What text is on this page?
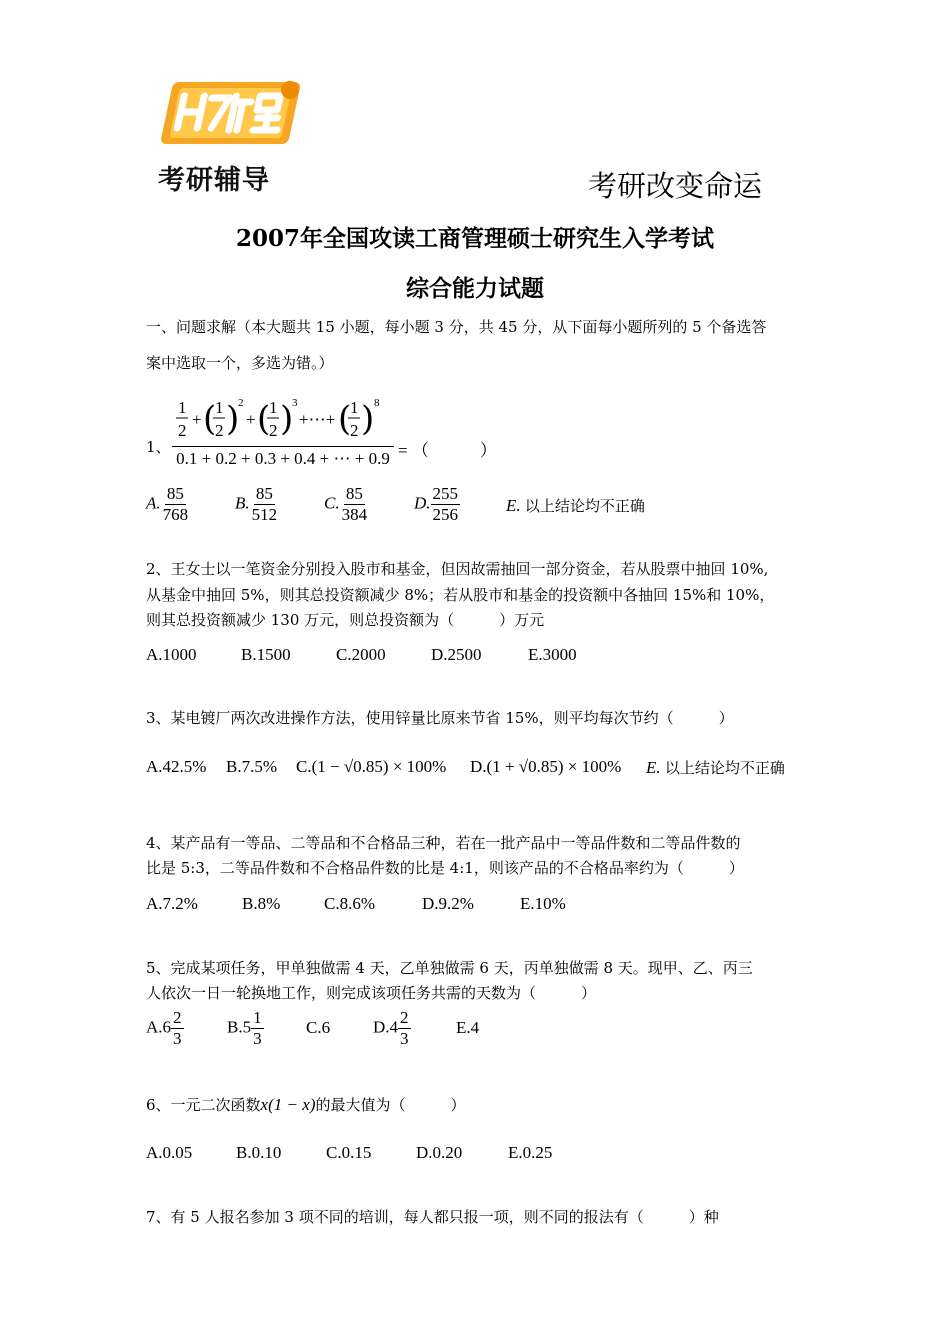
考研辅导	考研改变命运
2007年全国攻读工商管理硕士研究生入学考试
综合能力试题
一、问题求解（本大题共 15 小题，每小题 3 分，共 45 分，从下面每小题所列的 5 个备选答
案中选取一个，多选为错。）
1、
1
2
+ (
1
2 )
2
+ (
1
2 )
3
+⋯+ (
1
2 ) 8
0.1 + 0.2 + 0.3 + 0.4 + ⋯ + 0.9 = （　　　）
A. $\frac{85}{768}$	B. $\frac{85}{512}$	C. $\frac{85}{384}$	D. $\frac{255}{256}$	E. 以上结论均不正确
2、王女士以一笔资金分别投入股市和基金，但因故需抽回一部分资金，若从股票中抽回 10%,
从基金中抽回 5%，则其总投资额减少 8%；若从股市和基金的投资额中各抽回 15%和 10%，
则其总投资额减少 130 万元，则总投资额为（　　　）万元
A.1000	B.1500	C.2000	D.2500	E.3000
3、某电镀厂两次改进操作方法，使用锌量比原来节省 15%，则平均每次节约（　　　）
A.42.5% B.7.5% C.(1 − √0.85) × 100% D.(1 + √0.85) × 100% E. 以上结论均不正确
4、某产品有一等品、二等品和不合格品三种，若在一批产品中一等品件数和二等品件数的
比是 5:3，二等品件数和不合格品件数的比是 4:1，则该产品的不合格品率约为（　　　）
A.7.2%	B.8%	C.8.6%	D.9.2%	E.10%
5、完成某项任务，甲单独做需 4 天，乙单独做需 6 天，丙单独做需 8 天。现甲、乙、丙三
人依次一日一轮换地工作，则完成该项任务共需的天数为（　　　）
$A.6 \frac{2}{3}$	$B.5 \frac{1}{3} C.6$	$D.4 \frac{2}{3}$	E.4
6、一元二次函数x(1 − x)的最大值为（　　　）
A.0.05	B.0.10	C.0.15	D.0.20	E.0.25
7、有 5 人报名参加 3 项不同的培训，每人都只报一项，则不同的报法有（　　　）种
